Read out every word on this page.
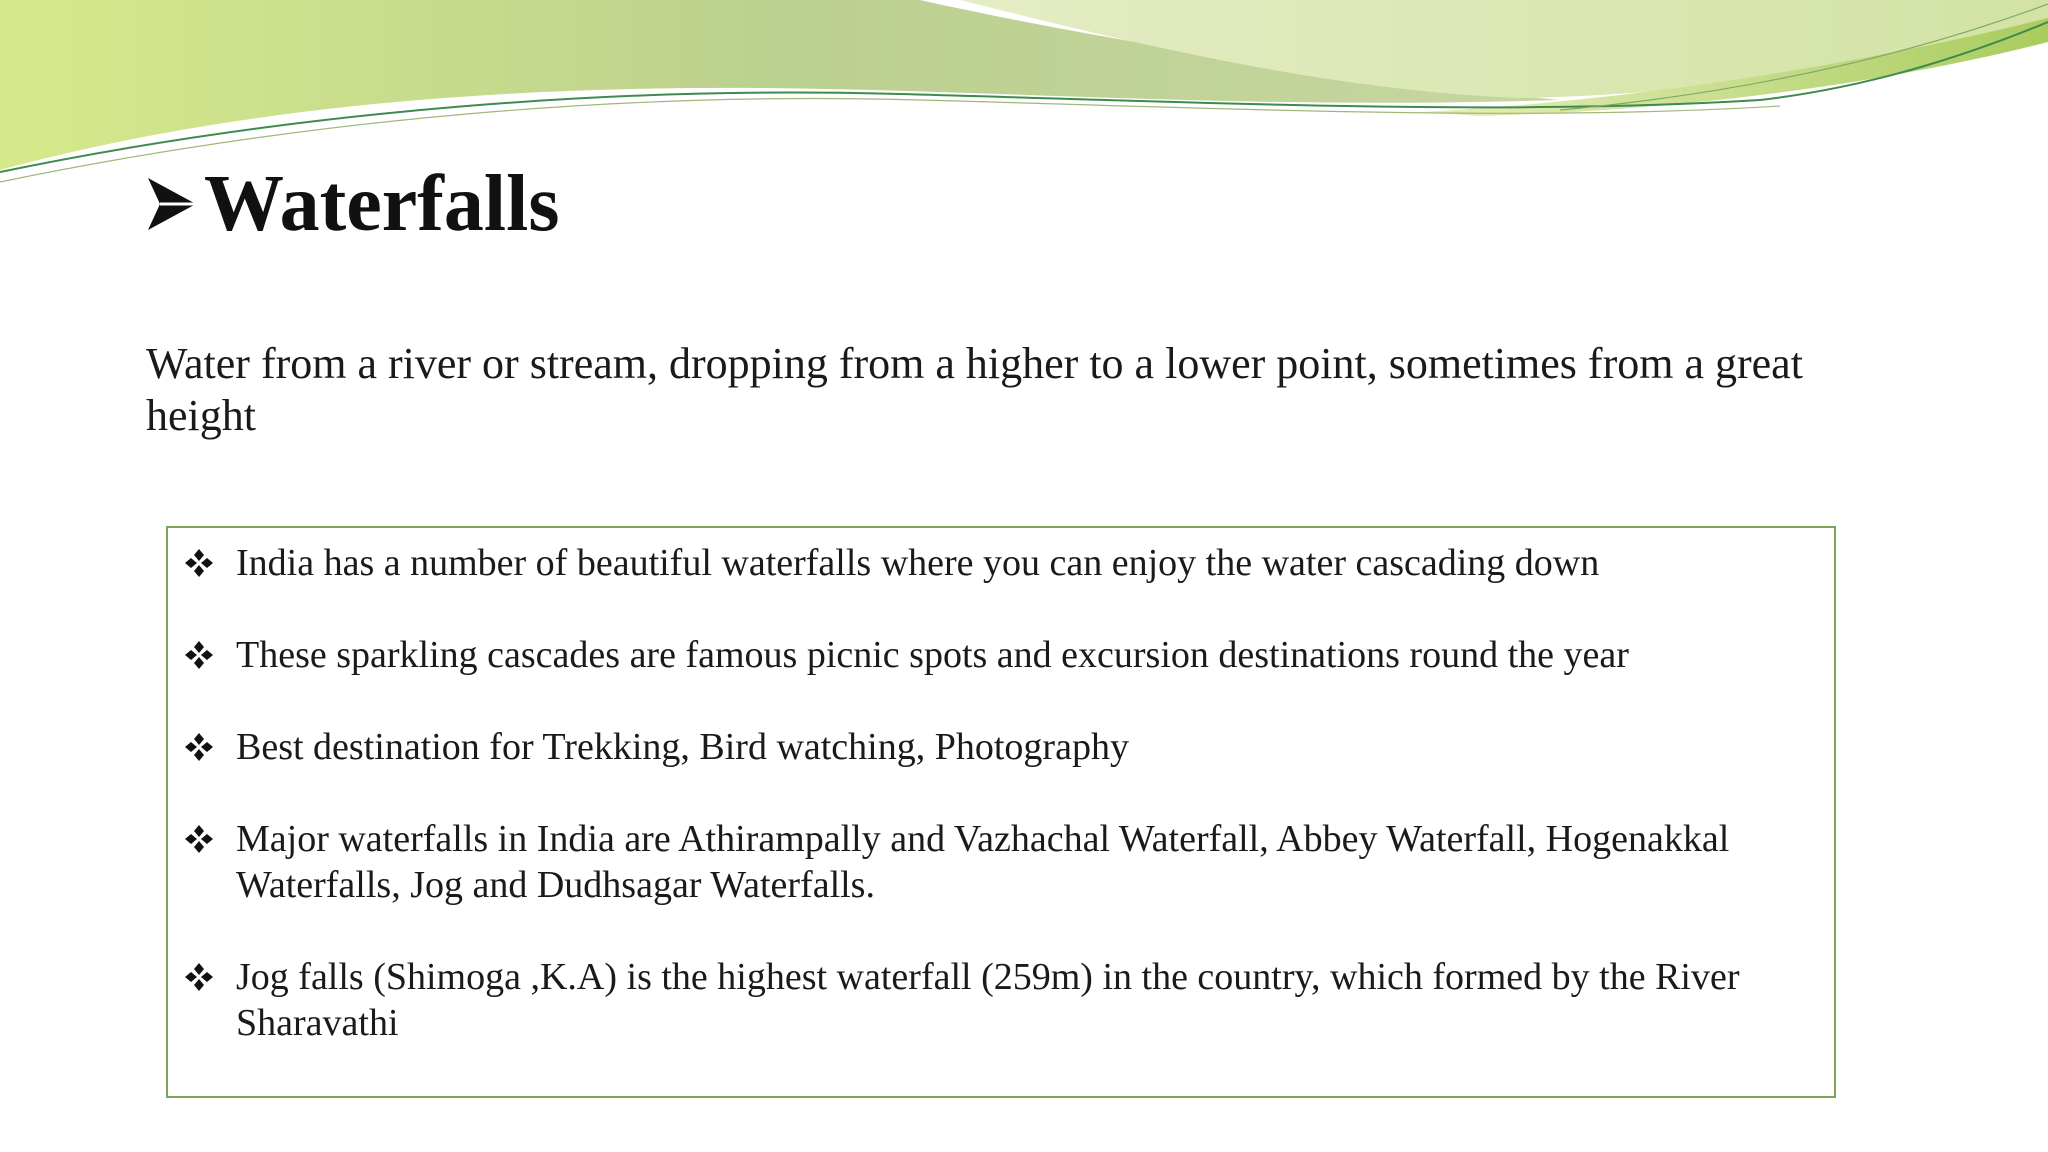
Waterfalls
Water from a river or stream, dropping from a higher to a lower point, sometimes from a great height
India has a number of beautiful waterfalls where you can enjoy the water cascading down
These sparkling cascades are famous picnic spots and excursion destinations round the year
Best destination for Trekking, Bird watching, Photography
Major waterfalls in India are Athirampally and Vazhachal Waterfall, Abbey Waterfall, Hogenakkal Waterfalls, Jog and Dudhsagar Waterfalls.
Jog falls (Shimoga ,K.A) is the highest waterfall (259m) in the country, which formed by the River Sharavathi
